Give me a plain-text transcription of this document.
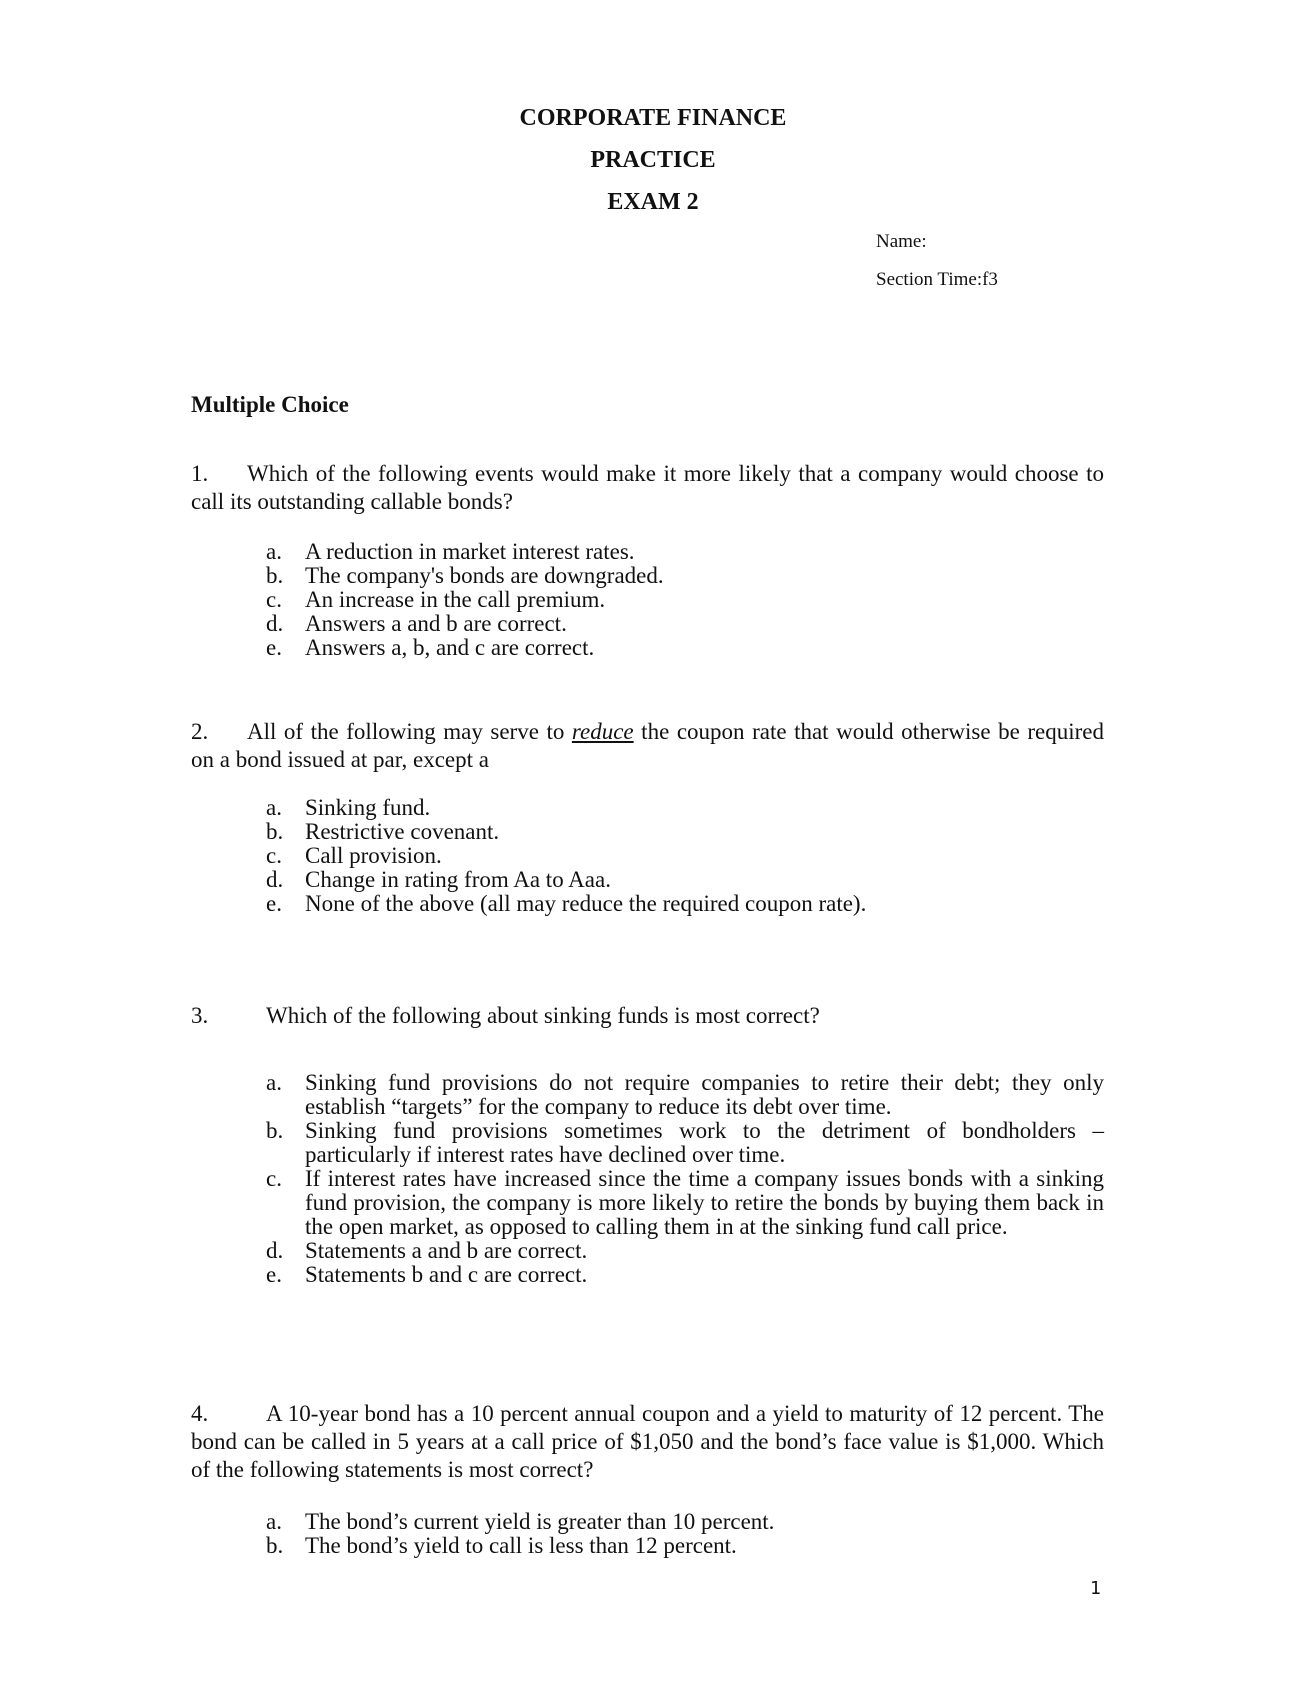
CORPORATE FINANCE
PRACTICE
EXAM 2
Name:
Section Time:f3
Multiple Choice
1. Which of the following events would make it more likely that a company would choose to call its outstanding callable bonds?
a.	A reduction in market interest rates.
b. The company's bonds are downgraded.
c.	An increase in the call premium.
d. Answers a and b are correct.
e.	Answers a, b, and c are correct.
2. All of the following may serve to reduce the coupon rate that would otherwise be required on a bond issued at par, except a
a.	Sinking fund.
b. Restrictive covenant.
c.	Call provision.
d. Change in rating from Aa to Aaa.
e.	None of the above (all may reduce the required coupon rate).
3.	Which of the following about sinking funds is most correct?
a.	Sinking fund provisions do not require companies to retire their debt; they only establish “targets” for the company to reduce its debt over time.
b. Sinking fund provisions sometimes work to the detriment of bondholders – particularly if interest rates have declined over time.
c.	If interest rates have increased since the time a company issues bonds with a sinking fund provision, the company is more likely to retire the bonds by buying them back in the open market, as opposed to calling them in at the sinking fund call price.
d. Statements a and b are correct.
e.	Statements b and c are correct.
4.	A 10-year bond has a 10 percent annual coupon and a yield to maturity of 12 percent. The bond can be called in 5 years at a call price of $1,050 and the bond’s face value is $1,000. Which of the following statements is most correct?
a.	The bond’s current yield is greater than 10 percent.
b. The bond’s yield to call is less than 12 percent.
1
